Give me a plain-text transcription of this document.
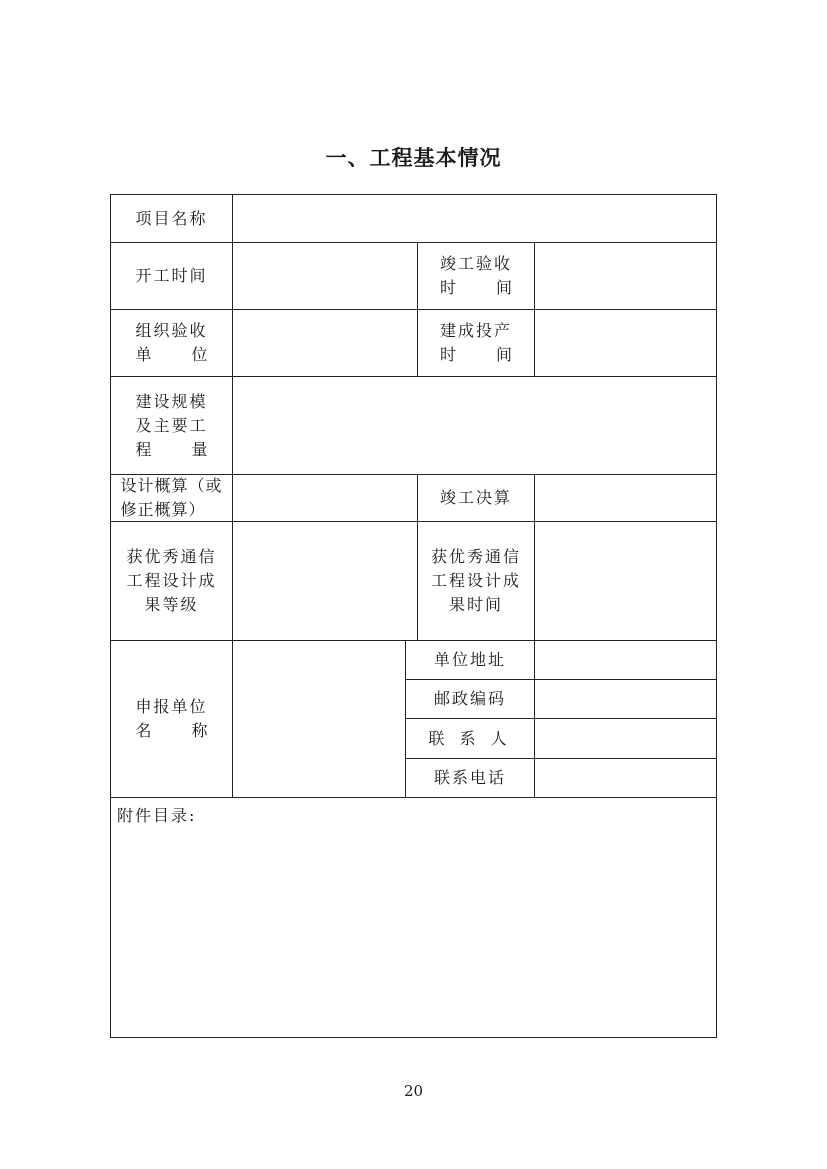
一、工程基本情况
项目名称
开工时间
竣工验收
时 间
组织验收
单 位
建成投产
时 间
建设规模
及主要工
程 量
设计概算（或
修正概算）
竣工决算
获优秀通信
工程设计成
果等级
获优秀通信
工程设计成
果时间
申报单位
名 称
单位地址
邮政编码
联 系 人
联系电话
附件目录:
20
